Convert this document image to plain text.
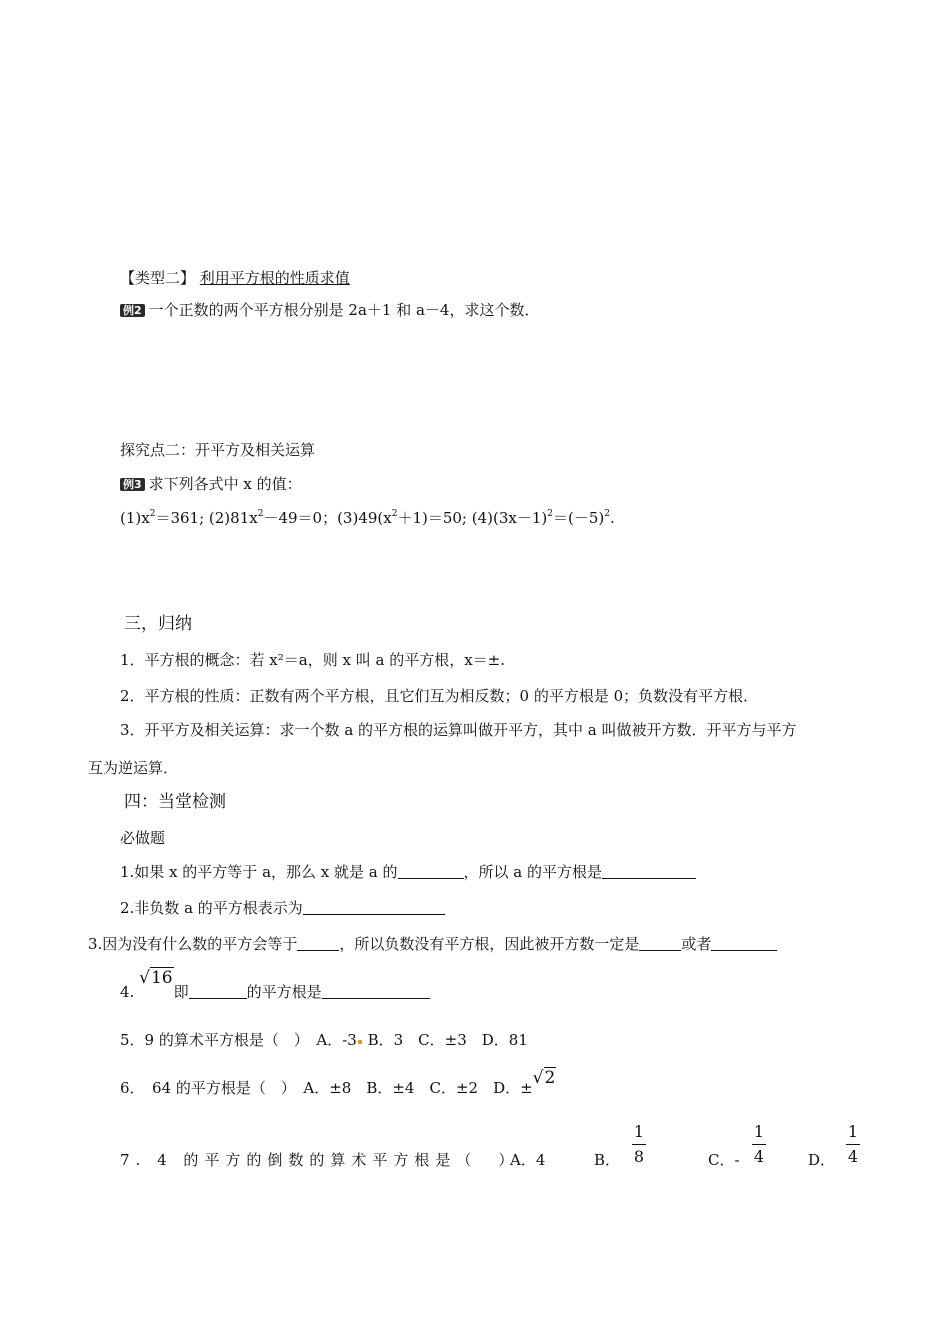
【类型二】 利用平方根的性质求值
例2 一个正数的两个平方根分别是 2a＋1 和 a－4，求这个数．
探究点二：开平方及相关运算
例3 求下列各式中 x 的值：
$(1)x^2=361$; $(2)81x^2-49=0$；$(3)49(x^2+1)=50$; $(4)(3x-1)^2=(-5)^2$.
三，归纳
1．平方根的概念：若 x²＝a，则 x 叫 a 的平方根，x＝±.
2．平方根的性质：正数有两个平方根，且它们互为相反数；0 的平方根是 0；负数没有平方根．
3．开平方及相关运算：求一个数 a 的平方根的运算叫做开平方，其中 a 叫做被开方数．开平方与平方
互为逆运算．
四：当堂检测
必做题
1.如果 x 的平方等于 a，那么 x 就是 a 的	，所以 a 的平方根是
2.非负数 a 的平方根表示为
3.因为没有什么数的平方会等于	，所以负数没有平方根，因此被开方数一定是	或者
4. √16即	的平方根是
5．9 的算术平方根是（　）　A．-3 B．3　C．±3　D．81
6．　64 的平方根是（　）　A．±8　B．±4　C．±2　D．±√2
7. 4 的平方的倒数的算术平方根是（　）
A．4	B．
1
8	C．-
1
4	D．
1
4
